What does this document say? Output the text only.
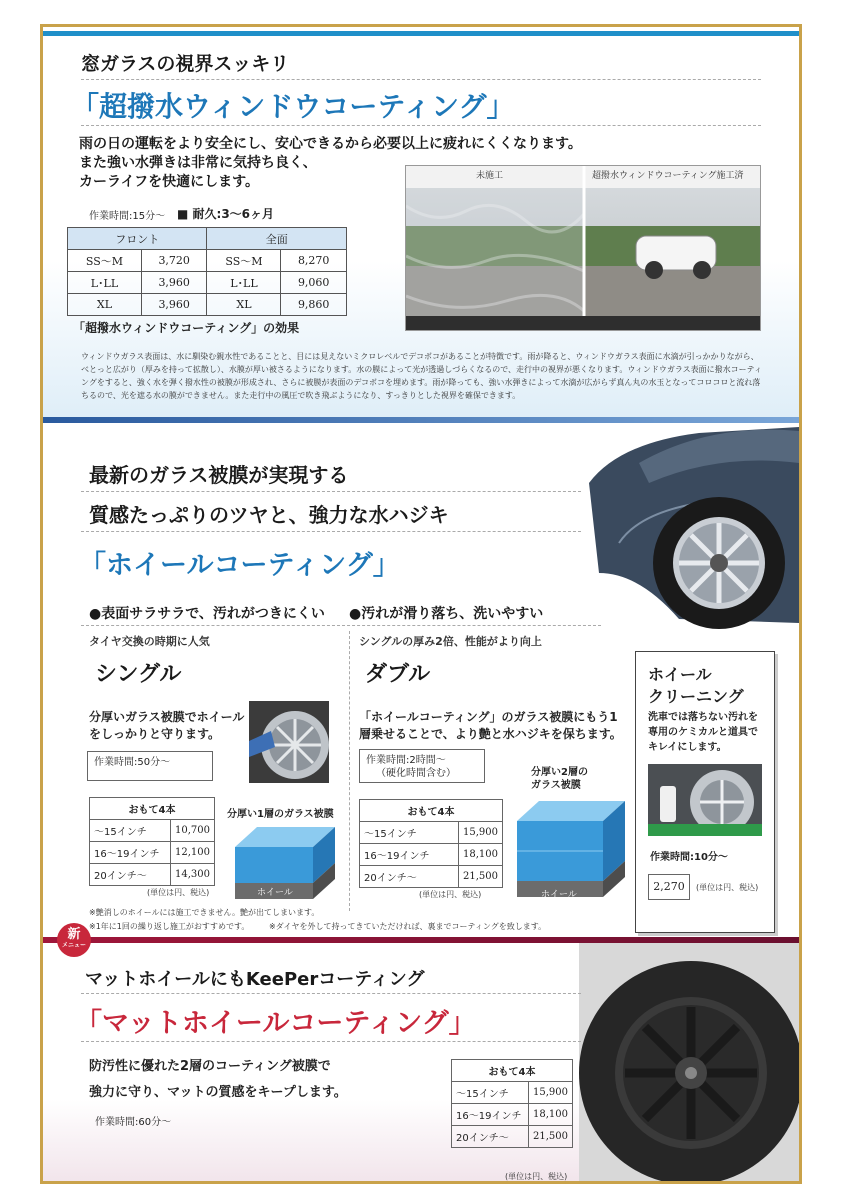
窓ガラスの視界スッキリ
「超撥水ウィンドウコーティング」
雨の日の運転をより安全にし、安心できるから必要以上に疲れにくくなります。
また強い水弾きは非常に気持ち良く、
カーライフを快適にします。
作業時間:15分～ ■ 耐久:3～6ヶ月
フロント		全面	
SS～M	3,720	SS～M	8,270
L･LL	3,960	L･LL	9,060
XL	3,960	XL	9,860
「超撥水ウィンドウコーティング」の効果
未施工	超撥水ウィンドウコーティング施工済
ウィンドウガラス表面は、水に馴染む親水性であることと、目には見えないミクロレベルでデコボコがあることが特徴です。雨が降ると、ウィンドウガラス表面に水滴が引っかかりながら、べとっと広がり（厚みを持って拡散し）、水膜が厚い被さるようになります。水の膜によって光が透過しづらくなるので、走行中の視界が悪くなります。ウィンドウガラス表面に撥水コーティングをすると、強く水を弾く撥水性の被膜が形成され、さらに被膜が表面のデコボコを埋めます。雨が降っても、強い水弾きによって水滴が広がらず真ん丸の水玉となってコロコロと流れ落ちるので、光を遮る水の膜ができません。また走行中の風圧で吹き飛ぶようになり、すっきりとした視界を確保できます。
最新のガラス被膜が実現する
質感たっぷりのツヤと、強力な水ハジキ
「ホイールコーティング」
●表面サラサラで、汚れがつきにくい ●汚れが滑り落ち、洗いやすい
タイヤ交換の時期に人気
シングル
分厚いガラス被膜でホイール
をしっかりと守ります。
作業時間:50分～
おもて4本	
～15インチ	10,700
16～19インチ	12,100
20インチ～	14,300
(単位は円、税込)
分厚い1層のガラス被膜
ホイール
シングルの厚み2倍、性能がより向上
ダブル
「ホイールコーティング」のガラス被膜にもう1
層乗せることで、より艶と水ハジキを保ちます。
作業時間:2時間～
（硬化時間含む）
おもて4本	
～15インチ	15,900
16～19インチ	18,100
20インチ～	21,500
(単位は円、税込)
分厚い2層の
ガラス被膜
ホイール
ホイール
クリーニング
洗車では落ちない汚れを
専用のケミカルと道具で
キレイにします。
作業時間:10分～
2,270	(単位は円、税込)
※艶消しのホイールには施工できません。艶が出てしまいます。
※1年に1回の繰り返し施工がおすすめです。 ※ダイヤを外して持ってきていただければ、裏までコーティングを致します。
新
メニュー
マットホイールにもKeePerコーティング
「マットホイールコーティング」
防汚性に優れた2層のコーティング被膜で
強力に守り、マットの質感をキープします。
作業時間:60分～
おもて4本	
～15インチ	15,900
16～19インチ	18,100
20インチ～	21,500
(単位は円、税込)
